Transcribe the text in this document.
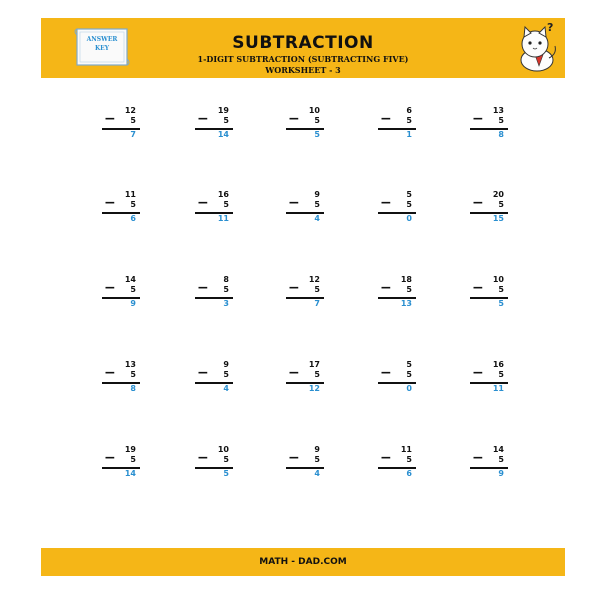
ANSWER KEY	SUBTRACTION
1-DIGIT SUBTRACTION (SUBTRACTING FIVE)
WORKSHEET - 3
?
12
− 5
7
19
− 5
14
10
− 5
5
6
− 5
1
13
− 5
8
11
− 5
6
16
− 5
11
9
− 5
4
5
− 5
0
20
− 5
15
14
− 5
9
8
− 5
3
12
− 5
7
18
− 5
13
10
− 5
5
13
− 5
8
9
− 5
4
17
− 5
12
5
− 5
0
16
− 5
11
19
− 5
14
10
− 5
5
9
− 5
4
11
− 5
6
14
− 5
9
MATH - DAD.COM
